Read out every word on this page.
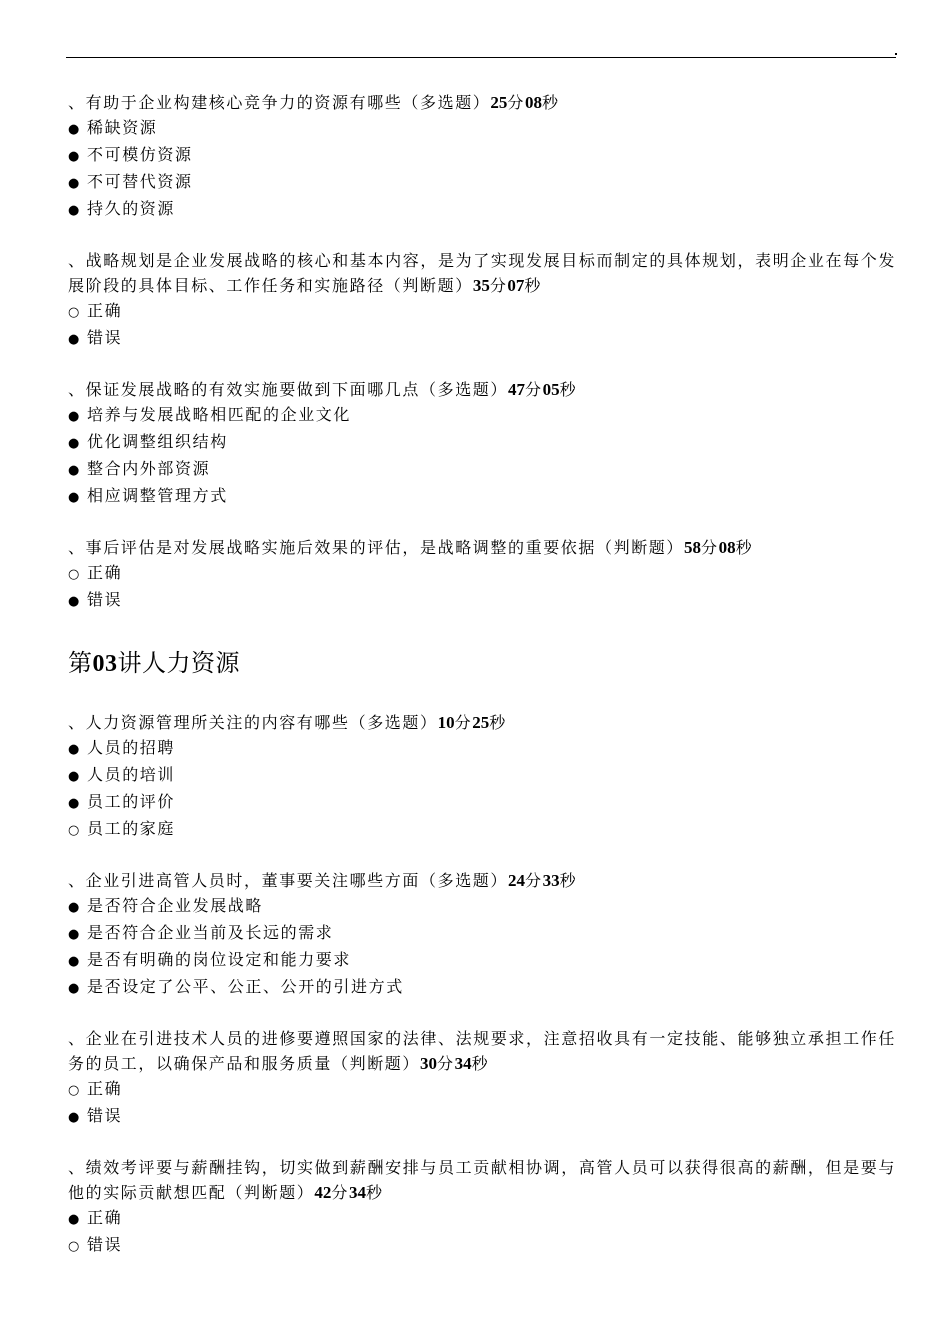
、有助于企业构建核心竞争力的资源有哪些（多选题）25分08秒
● 稀缺资源
● 不可模仿资源
● 不可替代资源
● 持久的资源
、战略规划是企业发展战略的核心和基本内容，是为了实现发展目标而制定的具体规划，表明企业在每个发展阶段的具体目标、工作任务和实施路径（判断题）35分07秒
○ 正确
● 错误
、保证发展战略的有效实施要做到下面哪几点（多选题）47分05秒
● 培养与发展战略相匹配的企业文化
● 优化调整组织结构
● 整合内外部资源
● 相应调整管理方式
、事后评估是对发展战略实施后效果的评估，是战略调整的重要依据（判断题）58分08秒
○ 正确
● 错误
第03讲人力资源
、人力资源管理所关注的内容有哪些（多选题）10分25秒
● 人员的招聘
● 人员的培训
● 员工的评价
○ 员工的家庭
、企业引进高管人员时，董事要关注哪些方面（多选题）24分33秒
● 是否符合企业发展战略
● 是否符合企业当前及长远的需求
● 是否有明确的岗位设定和能力要求
● 是否设定了公平、公正、公开的引进方式
、企业在引进技术人员的进修要遵照国家的法律、法规要求，注意招收具有一定技能、能够独立承担工作任务的员工，以确保产品和服务质量（判断题）30分34秒
○ 正确
● 错误
、绩效考评要与薪酬挂钩，切实做到薪酬安排与员工贡献相协调，高管人员可以获得很高的薪酬，但是要与他的实际贡献想匹配（判断题）42分34秒
● 正确
○ 错误
